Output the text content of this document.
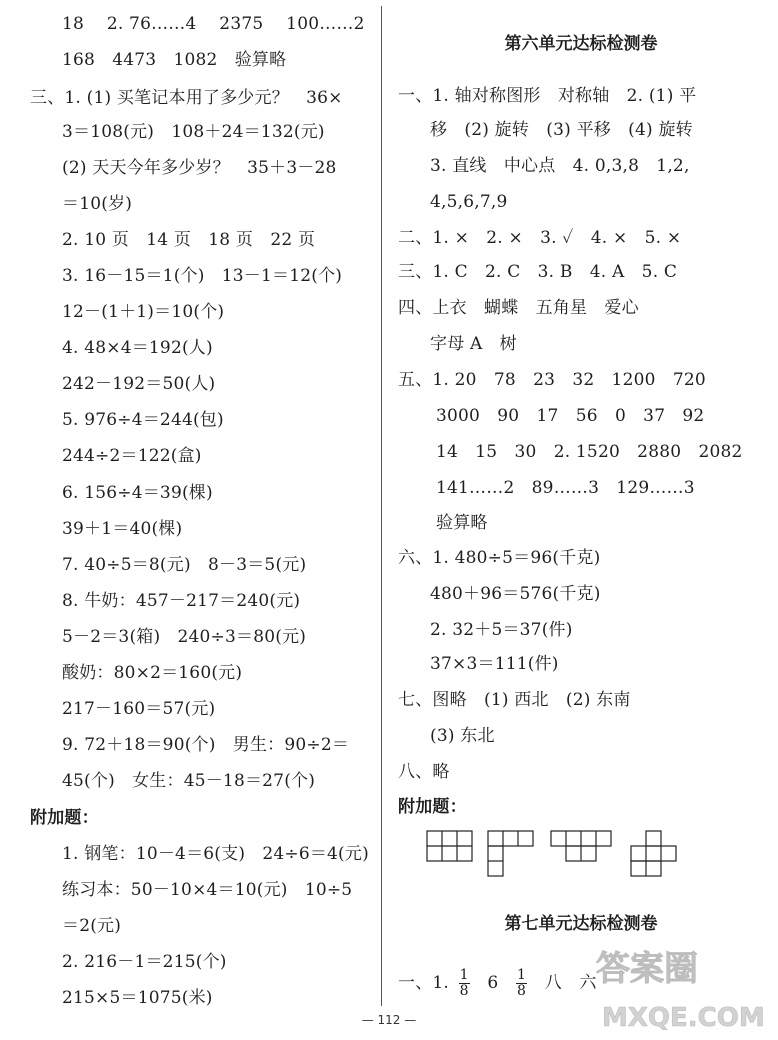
18　 2. 76……4　 2375　 100……2
168　4473　1082　验算略
三、1. (1) 买笔记本用了多少元？　36×
3＝108(元)　108＋24＝132(元)
(2) 天天今年多少岁？　35＋3－28
＝10(岁)
2. 10 页　14 页　18 页　22 页
3. 16－15＝1(个)　13－1＝12(个)
12－(1＋1)＝10(个)
4. 48×4＝192(人)
242－192＝50(人)
5. 976÷4＝244(包)
244÷2＝122(盒)
6. 156÷4＝39(棵)
39＋1＝40(棵)
7. 40÷5＝8(元)　8－3＝5(元)
8. 牛奶：457－217＝240(元)
5－2＝3(箱)　240÷3＝80(元)
酸奶：80×2＝160(元)
217－160＝57(元)
9. 72＋18＝90(个)　男生：90÷2＝
45(个)　女生：45－18＝27(个)
附加题：
1. 钢笔：10－4＝6(支)　24÷6＝4(元)
练习本：50－10×4＝10(元)　10÷5
＝2(元)
2. 216－1＝215(个)
215×5＝1075(米)
第六单元达标检测卷
一、1. 轴对称图形　对称轴　2. (1) 平
移　(2) 旋转　(3) 平移　(4) 旋转
3. 直线　中心点　4. 0,3,8　1,2,
4,5,6,7,9
二、1. ×　2. ×　3. ✓　4. ×　5. ×
三、1. C　2. C　3. B　4. A　5. C
四、上衣　蝴蝶　五角星　爱心
字母 A　树
五、1. 20　78　23　32　1200　720
3000　90　17　56　0　37　92
14　15　30　2. 1520　2880　2082
141……2　89……3　129……3
验算略
六、1. 480÷5＝96(千克)
480＋96＝576(千克)
2. 32＋5＝37(件)
37×3＝111(件)
七、图略　(1) 西北　(2) 东南
(3) 东北
八、略
附加题：
第七单元达标检测卷
一、1. $\frac{1}{8} 6 \frac{1}{8}$ 八 六 答案圈
MXQE.COM
— 112 —
